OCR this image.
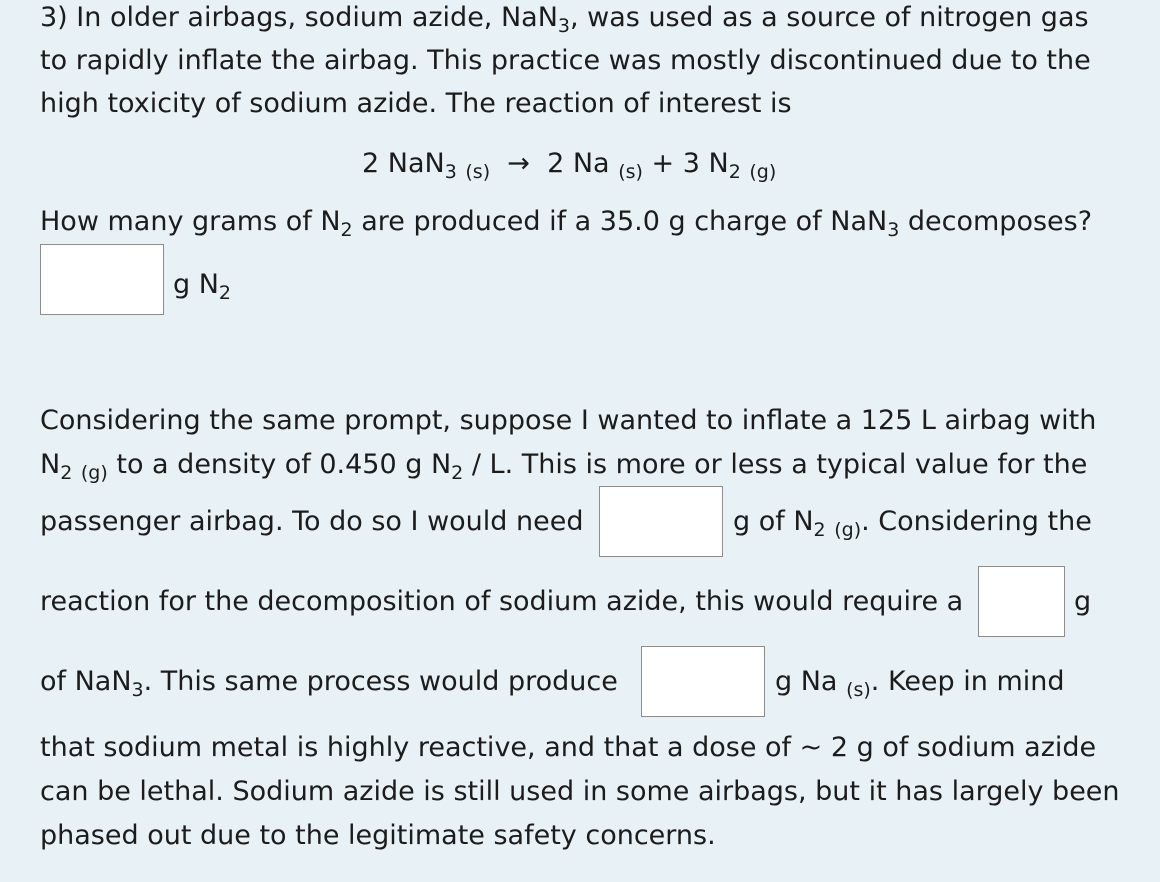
3) In older airbags, sodium azide, NaN$_3$, was used as a source of nitrogen gas
to rapidly inflate the airbag. This practice was mostly discontinued due to the
high toxicity of sodium azide. The reaction of interest is
2 NaN$_3$ $_{(s)}$ → 2 Na $_{(s)}$ + 3 $N_2$ $_{(g)}$
How many grams of $N_2$ are produced if a 35.0 g charge of NaN$_3$ decomposes?
g $N_2$
Considering the same prompt, suppose I wanted to inflate a 125 L airbag with
$N_2$ $_{(g)}$ to a density of 0.450 g $N_2$ / L. This is more or less a typical value for the
passenger airbag. To do so I would need	g of $N_2$ $_{(g)}$. Considering the
reaction for the decomposition of sodium azide, this would require a	g
of NaN$_3$. This same process would produce	g Na $_{(s)}$. Keep in mind
that sodium metal is highly reactive, and that a dose of ~ 2 g of sodium azide
can be lethal. Sodium azide is still used in some airbags, but it has largely been
phased out due to the legitimate safety concerns.
